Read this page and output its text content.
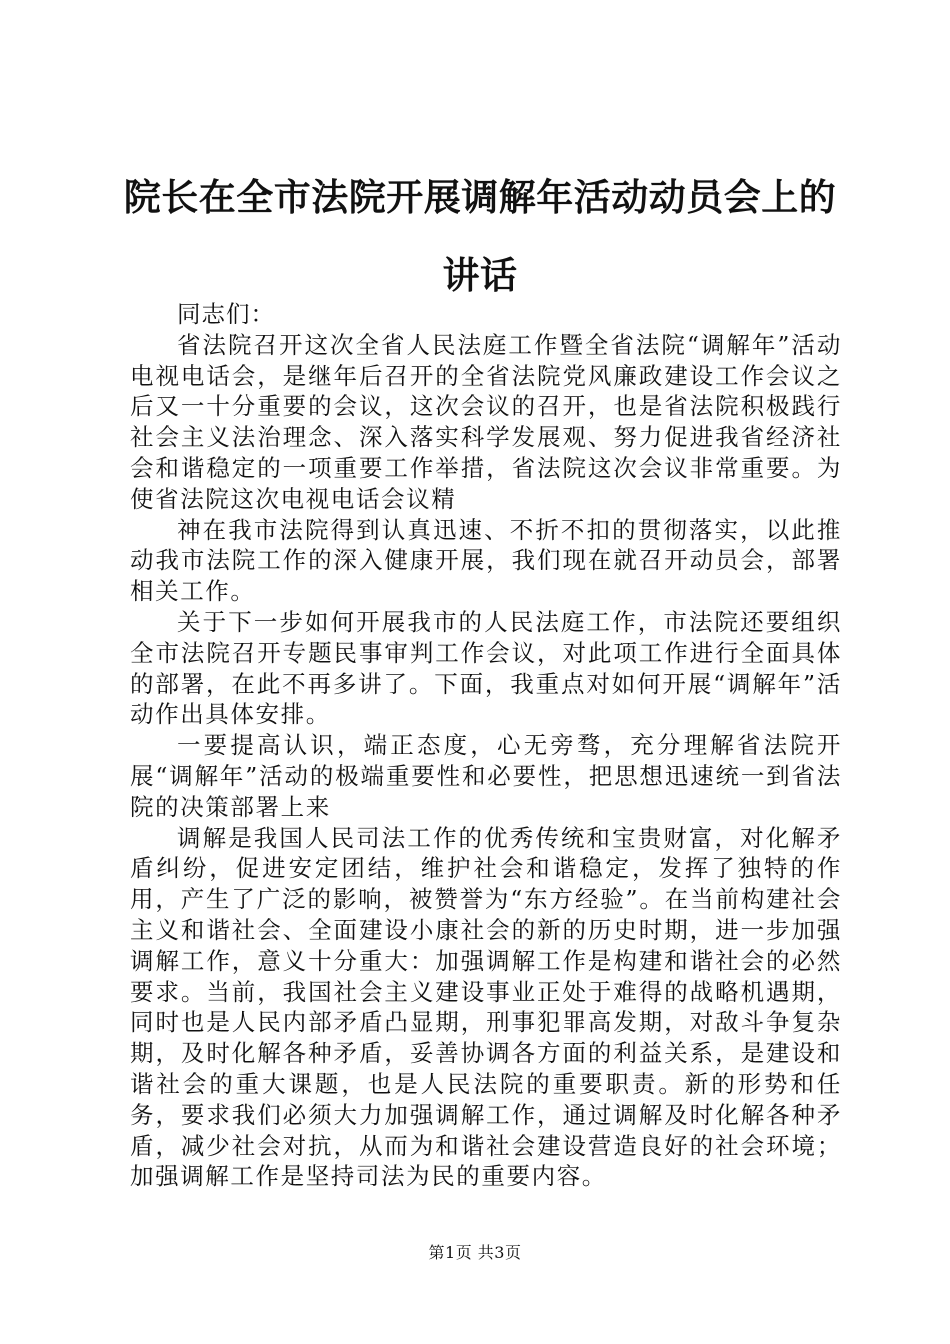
院长在全市法院开展调解年活动动员会上的讲话

同志们：

省法院召开这次全省人民法庭工作暨全省法院“调解年”活动电视电话会，是继年后召开的全省法院党风廉政建设工作会议之后又一十分重要的会议，这次会议的召开，也是省法院积极践行社会主义法治理念、深入落实科学发展观、努力促进我省经济社会和谐稳定的一项重要工作举措，省法院这次会议非常重要。为使省法院这次电视电话会议精

神在我市法院得到认真迅速、不折不扣的贯彻落实，以此推动我市法院工作的深入健康开展，我们现在就召开动员会，部署相关工作。

关于下一步如何开展我市的人民法庭工作，市法院还要组织全市法院召开专题民事审判工作会议，对此项工作进行全面具体的部署，在此不再多讲了。下面，我重点对如何开展“调解年”活动作出具体安排。

一要提高认识，端正态度，心无旁骛，充分理解省法院开展“调解年”活动的极端重要性和必要性，把思想迅速统一到省法院的决策部署上来

调解是我国人民司法工作的优秀传统和宝贵财富，对化解矛盾纠纷，促进安定团结，维护社会和谐稳定，发挥了独特的作用，产生了广泛的影响，被赞誉为“东方经验”。在当前构建社会主义和谐社会、全面建设小康社会的新的历史时期，进一步加强调解工作，意义十分重大：加强调解工作是构建和谐社会的必然要求。当前，我国社会主义建设事业正处于难得的战略机遇期，同时也是人民内部矛盾凸显期，刑事犯罪高发期，对敌斗争复杂期，及时化解各种矛盾，妥善协调各方面的利益关系，是建设和谐社会的重大课题，也是人民法院的重要职责。新的形势和任务，要求我们必须大力加强调解工作，通过调解及时化解各种矛盾，减少社会对抗，从而为和谐社会建设营造良好的社会环境；加强调解工作是坚持司法为民的重要内容。

第1页 共3页
